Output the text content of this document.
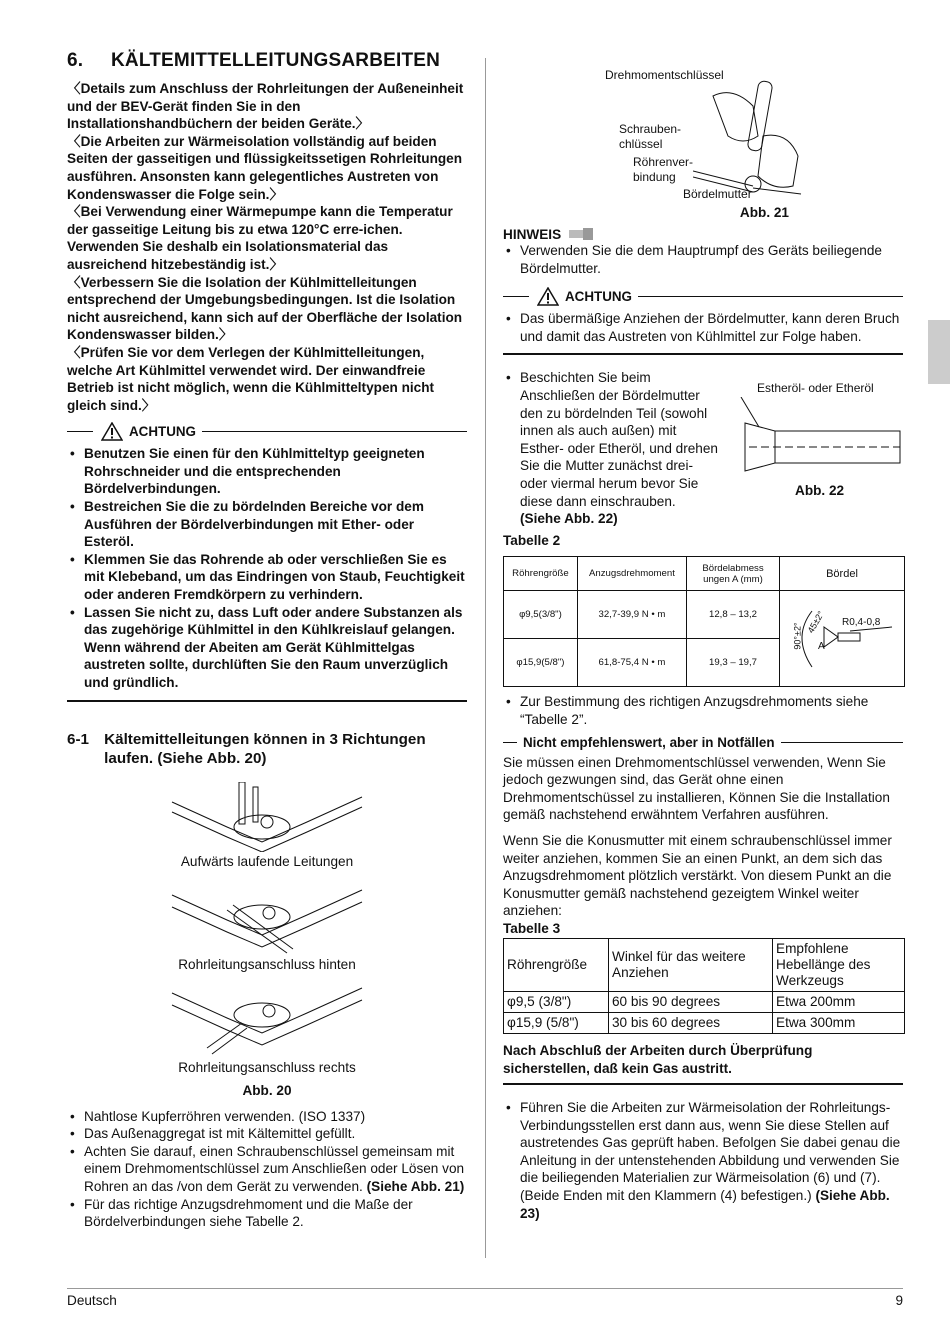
6. KÄLTEMITTELLEITUNGSARBEITEN

〈Details zum Anschluss der Rohrleitungen der Außeneinheit und der BEV-Gerät finden Sie in den Installationshandbüchern der beiden Geräte.〉

〈Die Arbeiten zur Wärmeisolation vollständig auf beiden Seiten der gasseitigen und flüssigkeitssetigen Rohrleitungen ausführen. Ansonsten kann gelegentliches Austreten von Kondenswasser die Folge sein.〉

〈Bei Verwendung einer Wärmepumpe kann die Temperatur der gasseitige Leitung bis zu etwa 120°C erre-ichen. Verwenden Sie deshalb ein Isolationsmaterial das ausreichend hitzebeständig ist.〉

〈Verbessern Sie die Isolation der Kühlmittelleitungen entsprechend der Umgebungsbedingungen. Ist die Isolation nicht ausreichend, kann sich auf der Oberfläche der Isolation Kondenswasser bilden.〉

〈Prüfen Sie vor dem Verlegen der Kühlmittelleitungen, welche Art Kühlmittel verwendet wird. Der einwandfreie Betrieb ist nicht möglich, wenn die Kühlmitteltypen nicht gleich sind.〉

ACHTUNG
• Benutzen Sie einen für den Kühlmitteltyp geeigneten Rohrschneider und die entsprechenden Bördelverbindungen.
• Bestreichen Sie die zu bördelnden Bereiche vor dem Ausführen der Bördelverbindungen mit Ether- oder Esteröl.
• Klemmen Sie das Rohrende ab oder verschließen Sie es mit Klebeband, um das Eindringen von Staub, Feuchtigkeit oder anderen Fremdkörpern zu verhindern.
• Lassen Sie nicht zu, dass Luft oder andere Substanzen als das zugehörige Kühlmittel in den Kühlkreislauf gelangen. Wenn während der Abeiten am Gerät Kühlmittelgas austreten sollte, durchlüften Sie den Raum unverzüglich und gründlich.
6-1	Kältemittelleitungen können in 3 Richtungen laufen. (Siehe Abb. 20)
Aufwärts laufende Leitungen
Rohrleitungsanschluss hinten
Rohrleitungsanschluss rechts
Abb. 20
• Nahtlose Kupferröhren verwenden. (ISO 1337)
• Das Außenaggregat ist mit Kältemittel gefüllt.
• Achten Sie darauf, einen Schraubenschlüssel gemeinsam mit einem Drehmomentschlüssel zum Anschließen oder Lösen von Rohren an das /von dem Gerät zu verwenden. (Siehe Abb. 21)
• Für das richtige Anzugsdrehmoment und die Maße der Bördelverbindungen siehe Tabelle 2.
Drehmomentschlüssel
Schrauben-
chlüssel
Röhrenver-
bindung
Bördelmutter
Abb. 21
HINWEIS
• Verwenden Sie die dem Hauptrumpf des Geräts beiliegende Bördelmutter.
ACHTUNG
• Das übermäßige Anziehen der Bördelmutter, kann deren Bruch und damit das Austreten von Kühlmittel zur Folge haben.
• Beschichten Sie beim Anschließen der Bördelmutter den zu bördelnden Teil (sowohl innen als auch außen) mit Esther- oder Etheröl, und drehen Sie die Mutter zunächst drei- oder viermal herum bevor Sie diese dann einschrauben.
(Siehe Abb. 22)
Estheröl- oder Etheröl
Abb. 22
Tabelle 2
Röhrengröße	Anzugsdrehmoment	Bördelabmess ungen A (mm)	Bördel
φ9,5(3/8")	32,7-39,9 N • m	12,8 – 13,2	90°±2°
45±2° R0,4-0,8
A

φ15,9(5/8")	61,8-75,4 N • m	19,3 – 19,7	
• Zur Bestimmung des richtigen Anzugsdrehmoments siehe “Tabelle 2”.
Nicht empfehlenswert, aber in Notfällen

Sie müssen einen Drehmomentschlüssel verwenden, Wenn Sie jedoch gezwungen sind, das Gerät ohne einen Drehmomentschüssel zu installieren, Können Sie die Installation gemäß nachstehend erwähntem Verfahren ausführen.

Wenn Sie die Konusmutter mit einem schraubenschlüssel immer weiter anziehen, kommen Sie an einen Punkt, an dem sich das Anzugsdrehmoment plötzlich verstärkt. Von diesem Punkt an die Konusmutter gemäß nachstehend gezeigtem Winkel weiter anziehen:

Tabelle 3
Röhrengröße	Winkel für das weitere Anziehen	Empfohlene Hebellänge des Werkzeugs
φ9,5 (3/8")	60 bis 90 degrees	Etwa 200mm
φ15,9 (5/8")	30 bis 60 degrees	Etwa 300mm

Nach Abschluß der Arbeiten durch Überprüfung sicherstellen, daß kein Gas austritt.

• Führen Sie die Arbeiten zur Wärmeisolation der Rohrleitungs-Verbindungsstellen erst dann aus, wenn Sie diese Stellen auf austretendes Gas geprüft haben. Befolgen Sie dabei genau die Anleitung in der untenstehenden Abbildung und verwenden Sie die beiliegenden Materialien zur Wärmeisolation (6) und (7). (Beide Enden mit den Klammern (4) befestigen.) (Siehe Abb. 23)
Deutsch	9
